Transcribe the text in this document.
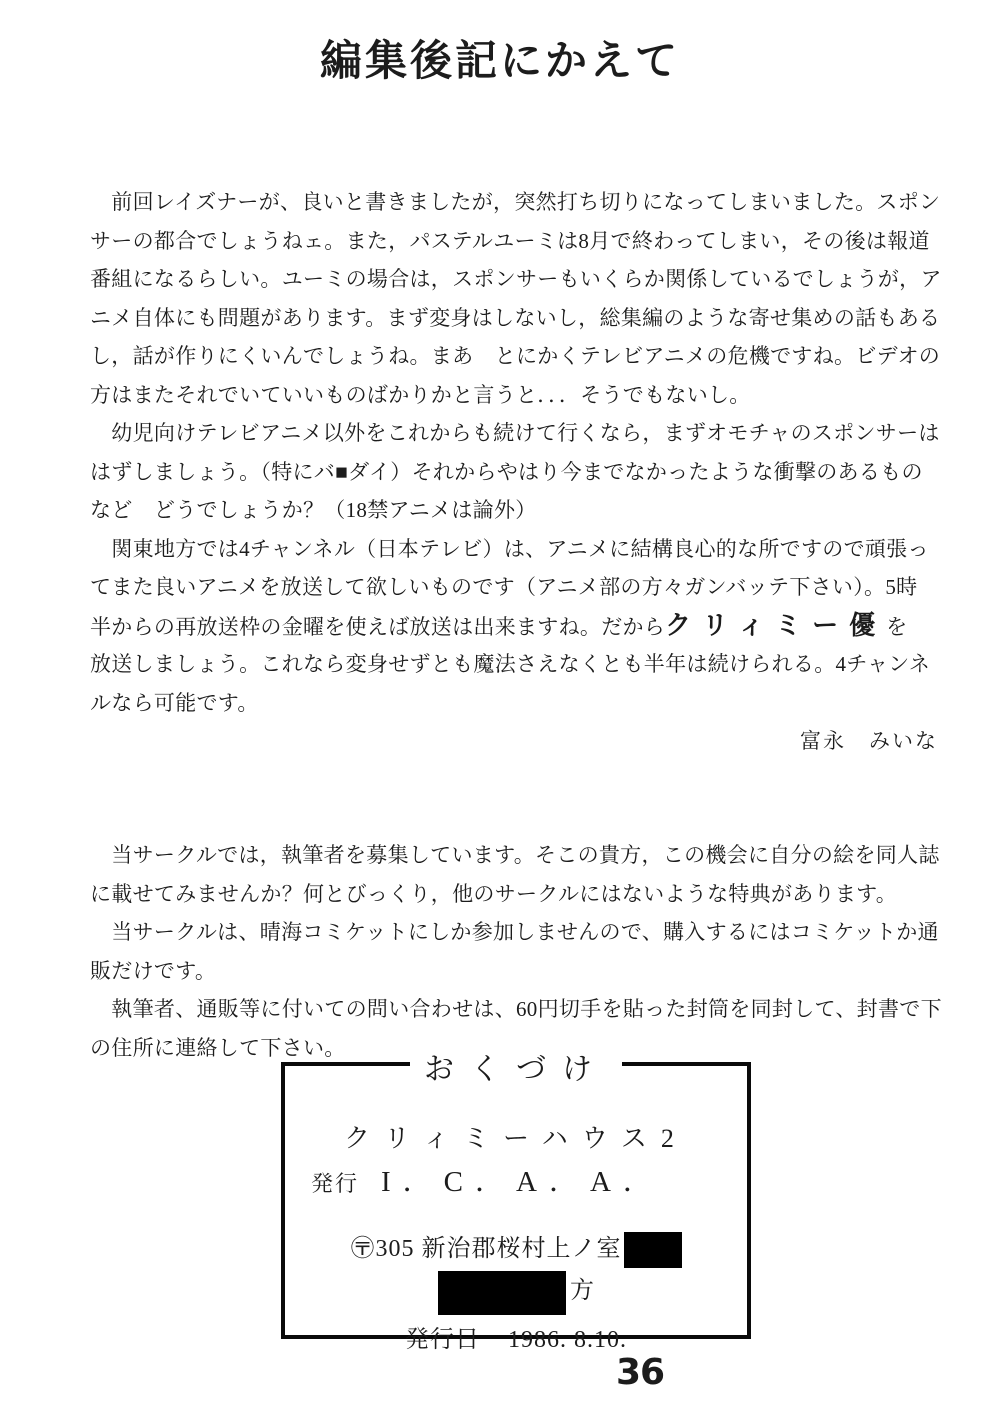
編集後記にかえて
　前回レイズナーが、良いと書きましたが，突然打ち切りになってしまいました。スポン
サーの都合でしょうねェ。また，パステルユーミは8月で終わってしまい，その後は報道
番組になるらしい。ユーミの場合は，スポンサーもいくらか関係しているでしょうが，ア
ニメ自体にも問題があります。まず変身はしないし，総集編のような寄せ集めの話もある
し，話が作りにくいんでしょうね。まあ　とにかくテレビアニメの危機ですね。ビデオの
方はまたそれでいていいものばかりかと言うと．．．そうでもないし。
　幼児向けテレビアニメ以外をこれからも続けて行くなら，まずオモチャのスポンサーは
はずしましょう。（特にバ■ダイ）それからやはり今までなかったような衝撃のあるもの
など　どうでしょうか？（18禁アニメは論外）
　関東地方では4チャンネル（日本テレビ）は、アニメに結構良心的な所ですので頑張っ
てまた良いアニメを放送して欲しいものです（アニメ部の方々ガンバッテ下さい）。5時
半からの再放送枠の金曜を使えば放送は出来ますね。だからクリィミー優を
放送しましょう。これなら変身せずとも魔法さえなくとも半年は続けられる。4チャンネ
ルなら可能です。
富永　みいな
　当サークルでは，執筆者を募集しています。そこの貴方，この機会に自分の絵を同人誌
に載せてみませんか？何とびっくり，他のサークルにはないような特典があります。
　当サークルは、晴海コミケットにしか参加しませんので、購入するにはコミケットか通
販だけです。
　執筆者、通販等に付いての問い合わせは、60円切手を貼った封筒を同封して、封書で下
の住所に連絡して下さい。
おくづけ
クリィミーハウス2
発行 I．C．A．A．
〶305 新治郡桜村上ノ室
方
発行日 1986. 8.10.
36
